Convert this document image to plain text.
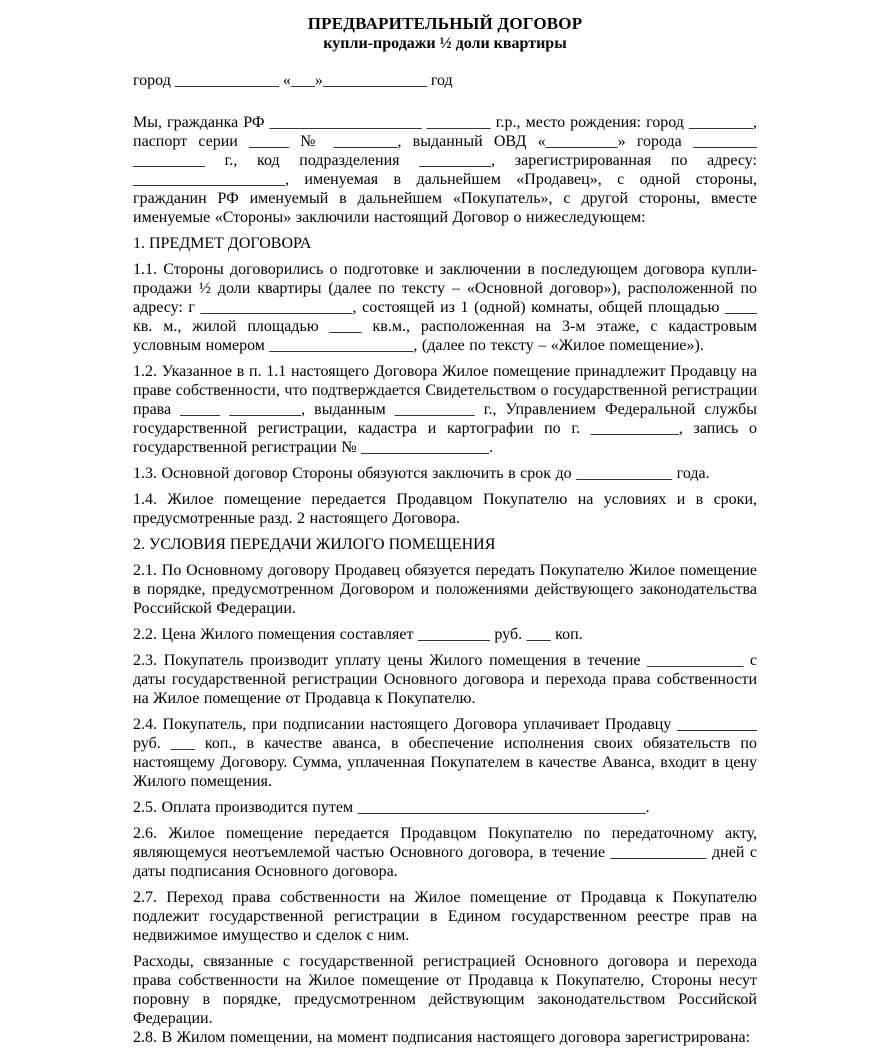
ПРЕДВАРИТЕЛЬНЫЙ ДОГОВОР
купли-продажи ½ доли квартиры
город _____________ «___»_____________ год

Мы, гражданка РФ ___________________ ________ г.р., место рождения: город ________, паспорт серии _____ № ________, выданный ОВД «_________» города ________ _________ г., код подразделения _________, зарегистрированная по адресу: ___________________, именуемая в дальнейшем «Продавец», с одной стороны, гражданин РФ именуемый в дальнейшем «Покупатель», с другой стороны, вместе именуемые «Стороны» заключили настоящий Договор о нижеследующем:

1. ПРЕДМЕТ ДОГОВОРА

1.1. Стороны договорились о подготовке и заключении в последующем договора купли-продажи ½ доли квартиры (далее по тексту – «Основной договор»), расположенной по адресу: г ___________________, состоящей из 1 (одной) комнаты, общей площадью ____ кв. м., жилой площадью ____ кв.м., расположенная на 3-м этаже, с кадастровым условным номером __________________, (далее по тексту – «Жилое помещение»).

1.2. Указанное в п. 1.1 настоящего Договора Жилое помещение принадлежит Продавцу на праве собственности, что подтверждается Свидетельством о государственной регистрации права _____ _________, выданным __________ г., Управлением Федеральной службы государственной регистрации, кадастра и картографии по г. ___________, запись о государственной регистрации № ________________.

1.3. Основной договор Стороны обязуются заключить в срок до ____________ года.

1.4. Жилое помещение передается Продавцом Покупателю на условиях и в сроки, предусмотренные разд. 2 настоящего Договора.

2. УСЛОВИЯ ПЕРЕДАЧИ ЖИЛОГО ПОМЕЩЕНИЯ

2.1. По Основному договору Продавец обязуется передать Покупателю Жилое помещение в порядке, предусмотренном Договором и положениями действующего законодательства Российской Федерации.

2.2. Цена Жилого помещения составляет _________ руб. ___ коп.

2.3. Покупатель производит уплату цены Жилого помещения в течение ____________ с даты государственной регистрации Основного договора и перехода права собственности на Жилое помещение от Продавца к Покупателю.

2.4. Покупатель, при подписании настоящего Договора уплачивает Продавцу __________ руб. ___ коп., в качестве аванса, в обеспечение исполнения своих обязательств по настоящему Договору. Сумма, уплаченная Покупателем в качестве Аванса, входит в цену Жилого помещения.

2.5. Оплата производится путем ____________________________________.

2.6. Жилое помещение передается Продавцом Покупателю по передаточному акту, являющемуся неотъемлемой частью Основного договора, в течение ____________ дней с даты подписания Основного договора.

2.7. Переход права собственности на Жилое помещение от Продавца к Покупателю подлежит государственной регистрации в Едином государственном реестре прав на недвижимое имущество и сделок с ним.

Расходы, связанные с государственной регистрацией Основного договора и перехода права собственности на Жилое помещение от Продавца к Покупателю, Стороны несут поровну в порядке, предусмотренном действующим законодательством Российской Федерации.

2.8. В Жилом помещении, на момент подписания настоящего договора зарегистрирована:
